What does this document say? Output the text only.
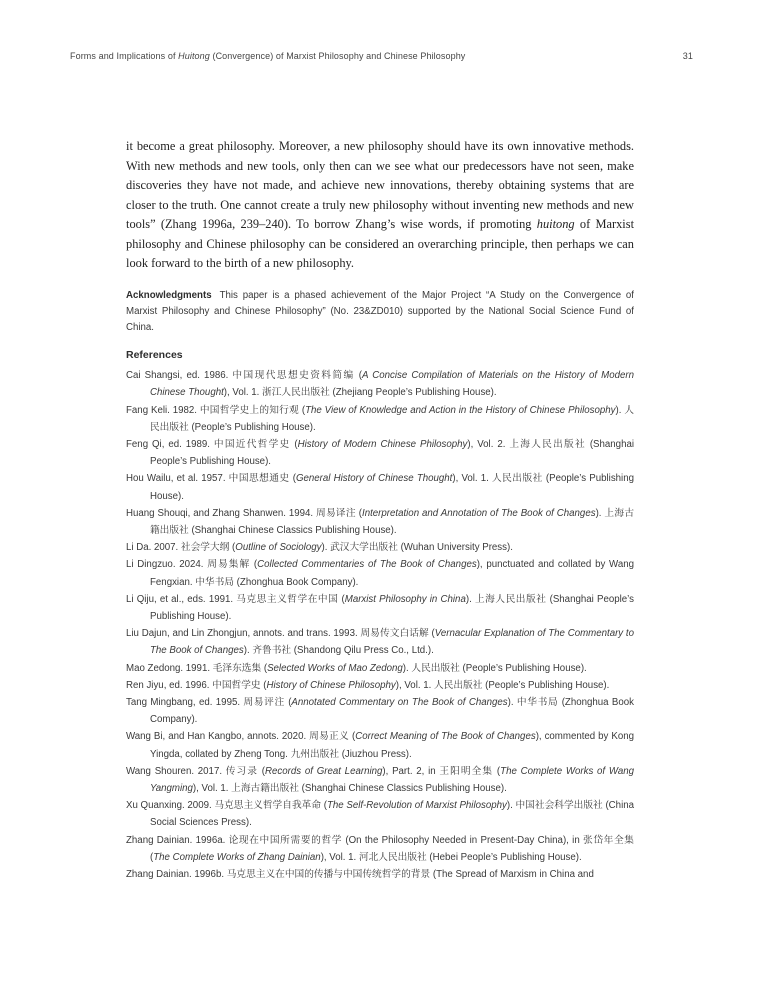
Forms and Implications of Huitong (Convergence) of Marxist Philosophy and Chinese Philosophy	31

it become a great philosophy. Moreover, a new philosophy should have its own innovative methods. With new methods and new tools, only then can we see what our predecessors have not seen, make discoveries they have not made, and achieve new innovations, thereby obtaining systems that are closer to the truth. One cannot create a truly new philosophy without inventing new methods and new tools” (Zhang 1996a, 239–240). To borrow Zhang’s wise words, if promoting huitong of Marxist philosophy and Chinese philosophy can be considered an overarching principle, then perhaps we can look forward to the birth of a new philosophy.

Acknowledgments This paper is a phased achievement of the Major Project “A Study on the Convergence of Marxist Philosophy and Chinese Philosophy” (No. 23&ZD010) supported by the National Social Science Fund of China.

References
Cai Shangsi, ed. 1986. 中国现代思想史资料简编 (A Concise Compilation of Materials on the History of Modern Chinese Thought), Vol. 1. 浙江人民出版社 (Zhejiang People’s Publishing House).
Fang Keli. 1982. 中国哲学史上的知行观 (The View of Knowledge and Action in the History of Chinese Philosophy). 人民出版社 (People’s Publishing House).
Feng Qi, ed. 1989. 中国近代哲学史 (History of Modern Chinese Philosophy), Vol. 2. 上海人民出版社 (Shanghai People’s Publishing House).
Hou Wailu, et al. 1957. 中国思想通史 (General History of Chinese Thought), Vol. 1. 人民出版社 (People’s Publishing House).
Huang Shouqi, and Zhang Shanwen. 1994. 周易译注 (Interpretation and Annotation of The Book of Changes). 上海古籍出版社 (Shanghai Chinese Classics Publishing House).
Li Da. 2007. 社会学大纲 (Outline of Sociology). 武汉大学出版社 (Wuhan University Press).
Li Dingzuo. 2024. 周易集解 (Collected Commentaries of The Book of Changes), punctuated and collated by Wang Fengxian. 中华书局 (Zhonghua Book Company).
Li Qiju, et al., eds. 1991. 马克思主义哲学在中国 (Marxist Philosophy in China). 上海人民出版社 (Shanghai People’s Publishing House).
Liu Dajun, and Lin Zhongjun, annots. and trans. 1993. 周易传文白话解 (Vernacular Explanation of The Commentary to The Book of Changes). 齐鲁书社 (Shandong Qilu Press Co., Ltd.).
Mao Zedong. 1991. 毛泽东选集 (Selected Works of Mao Zedong). 人民出版社 (People’s Publishing House).
Ren Jiyu, ed. 1996. 中国哲学史 (History of Chinese Philosophy), Vol. 1. 人民出版社 (People’s Publishing House).
Tang Mingbang, ed. 1995. 周易评注 (Annotated Commentary on The Book of Changes). 中华书局 (Zhonghua Book Company).
Wang Bi, and Han Kangbo, annots. 2020. 周易正义 (Correct Meaning of The Book of Changes), commented by Kong Yingda, collated by Zheng Tong. 九州出版社 (Jiuzhou Press).
Wang Shouren. 2017. 传习录 (Records of Great Learning), Part. 2, in 王阳明全集 (The Complete Works of Wang Yangming), Vol. 1. 上海古籍出版社 (Shanghai Chinese Classics Publishing House).
Xu Quanxing. 2009. 马克思主义哲学自我革命 (The Self-Revolution of Marxist Philosophy). 中国社会科学出版社 (China Social Sciences Press).
Zhang Dainian. 1996a. 论现在中国所需要的哲学 (On the Philosophy Needed in Present-Day China), in 张岱年全集 (The Complete Works of Zhang Dainian), Vol. 1. 河北人民出版社 (Hebei People’s Publishing House).
Zhang Dainian. 1996b. 马克思主义在中国的传播与中国传统哲学的背景 (The Spread of Marxism in China and
